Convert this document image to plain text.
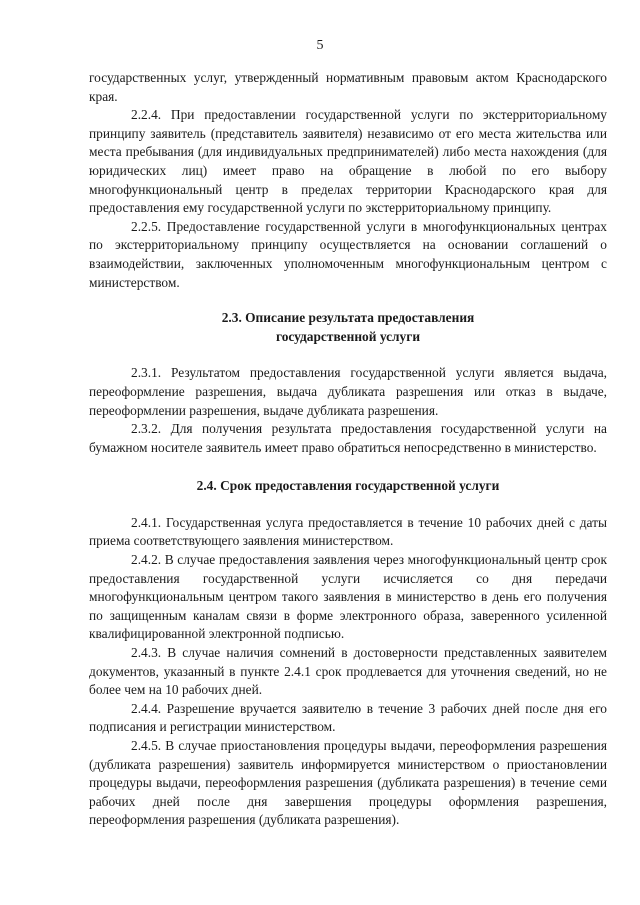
5

государственных услуг, утвержденный нормативным правовым актом Краснодарского края.

2.2.4. При предоставлении государственной услуги по экстерриториальному принципу заявитель (представитель заявителя) независимо от его места жительства или места пребывания (для индивидуальных предпринимателей) либо места нахождения (для юридических лиц) имеет право на обращение в любой по его выбору многофункциональный центр в пределах территории Краснодарского края для предоставления ему государственной услуги по экстерриториальному принципу.

2.2.5. Предоставление государственной услуги в многофункциональных центрах по экстерриториальному принципу осуществляется на основании соглашений о взаимодействии, заключенных уполномоченным многофункциональным центром с министерством.

2.3. Описание результата предоставления

государственной услуги

2.3.1. Результатом предоставления государственной услуги является выдача, переоформление разрешения, выдача дубликата разрешения или отказ в выдаче, переоформлении разрешения, выдаче дубликата разрешения.

2.3.2. Для получения результата предоставления государственной услуги на бумажном носителе заявитель имеет право обратиться непосредственно в министерство.

2.4. Срок предоставления государственной услуги

2.4.1. Государственная услуга предоставляется в течение 10 рабочих дней с даты приема соответствующего заявления министерством.

2.4.2. В случае предоставления заявления через многофункциональный центр срок предоставления государственной услуги исчисляется со дня передачи многофункциональным центром такого заявления в министерство в день его получения по защищенным каналам связи в форме электронного образа, заверенного усиленной квалифицированной электронной подписью.

2.4.3. В случае наличия сомнений в достоверности представленных заявителем документов, указанный в пункте 2.4.1 срок продлевается для уточнения сведений, но не более чем на 10 рабочих дней.

2.4.4. Разрешение вручается заявителю в течение 3 рабочих дней после дня его подписания и регистрации министерством.

2.4.5. В случае приостановления процедуры выдачи, переоформления разрешения (дубликата разрешения) заявитель информируется министерством о приостановлении процедуры выдачи, переоформления разрешения (дубликата разрешения) в течение семи рабочих дней после дня завершения процедуры оформления разрешения, переоформления разрешения (дубликата разрешения).
